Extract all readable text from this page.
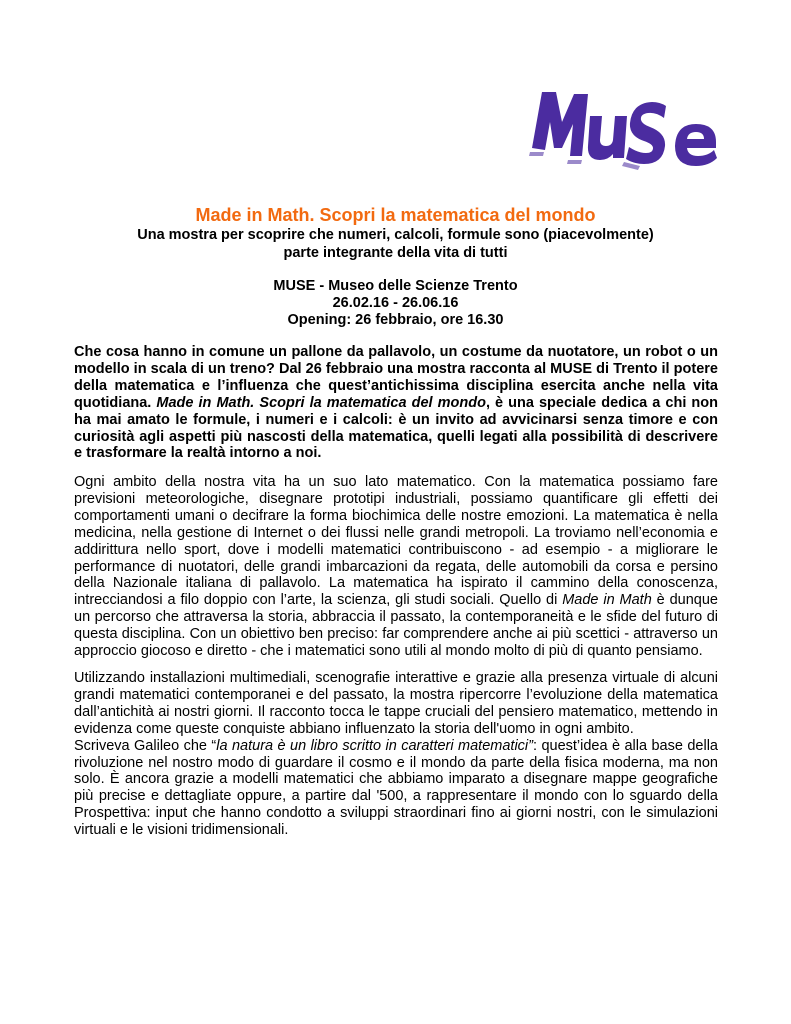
Made in Math. Scopri la matematica del mondo
Una mostra per scoprire che numeri, calcoli, formule sono (piacevolmente)
parte integrante della vita di tutti
MUSE - Museo delle Scienze Trento
26.02.16 - 26.06.16
Opening: 26 febbraio, ore 16.30

Che cosa hanno in comune un pallone da pallavolo, un costume da nuotatore, un robot o un modello in scala di un treno? Dal 26 febbraio una mostra racconta al MUSE di Trento il potere della matematica e l’influenza che quest’antichissima disciplina esercita anche nella vita quotidiana. Made in Math. Scopri la matematica del mondo, è una speciale dedica a chi non ha mai amato le formule, i numeri e i calcoli: è un invito ad avvicinarsi senza timore e con curiosità agli aspetti più nascosti della matematica, quelli legati alla possibilità di descrivere e trasformare la realtà intorno a noi.

Ogni ambito della nostra vita ha un suo lato matematico. Con la matematica possiamo fare previsioni meteorologiche, disegnare prototipi industriali, possiamo quantificare gli effetti dei comportamenti umani o decifrare la forma biochimica delle nostre emozioni. La matematica è nella medicina, nella gestione di Internet o dei flussi nelle grandi metropoli. La troviamo nell’economia e addirittura nello sport, dove i modelli matematici contribuiscono - ad esempio - a migliorare le performance di nuotatori, delle grandi imbarcazioni da regata, delle automobili da corsa e persino della Nazionale italiana di pallavolo. La matematica ha ispirato il cammino della conoscenza, intrecciandosi a filo doppio con l’arte, la scienza, gli studi sociali. Quello di Made in Math è dunque un percorso che attraversa la storia, abbraccia il passato, la contemporaneità e le sfide del futuro di questa disciplina. Con un obiettivo ben preciso: far comprendere anche ai più scettici - attraverso un approccio giocoso e diretto - che i matematici sono utili al mondo molto di più di quanto pensiamo.

Utilizzando installazioni multimediali, scenografie interattive e grazie alla presenza virtuale di alcuni grandi matematici contemporanei e del passato, la mostra ripercorre l’evoluzione della matematica dall’antichità ai nostri giorni. Il racconto tocca le tappe cruciali del pensiero matematico, mettendo in evidenza come queste conquiste abbiano influenzato la storia dell'uomo in ogni ambito.

Scriveva Galileo che “la natura è un libro scritto in caratteri matematici”: quest’idea è alla base della rivoluzione nel nostro modo di guardare il cosmo e il mondo da parte della fisica moderna, ma non solo. È ancora grazie a modelli matematici che abbiamo imparato a disegnare mappe geografiche più precise e dettagliate oppure, a partire dal '500, a rappresentare il mondo con lo sguardo della Prospettiva: input che hanno condotto a sviluppi straordinari fino ai giorni nostri, con le simulazioni virtuali e le visioni tridimensionali.
